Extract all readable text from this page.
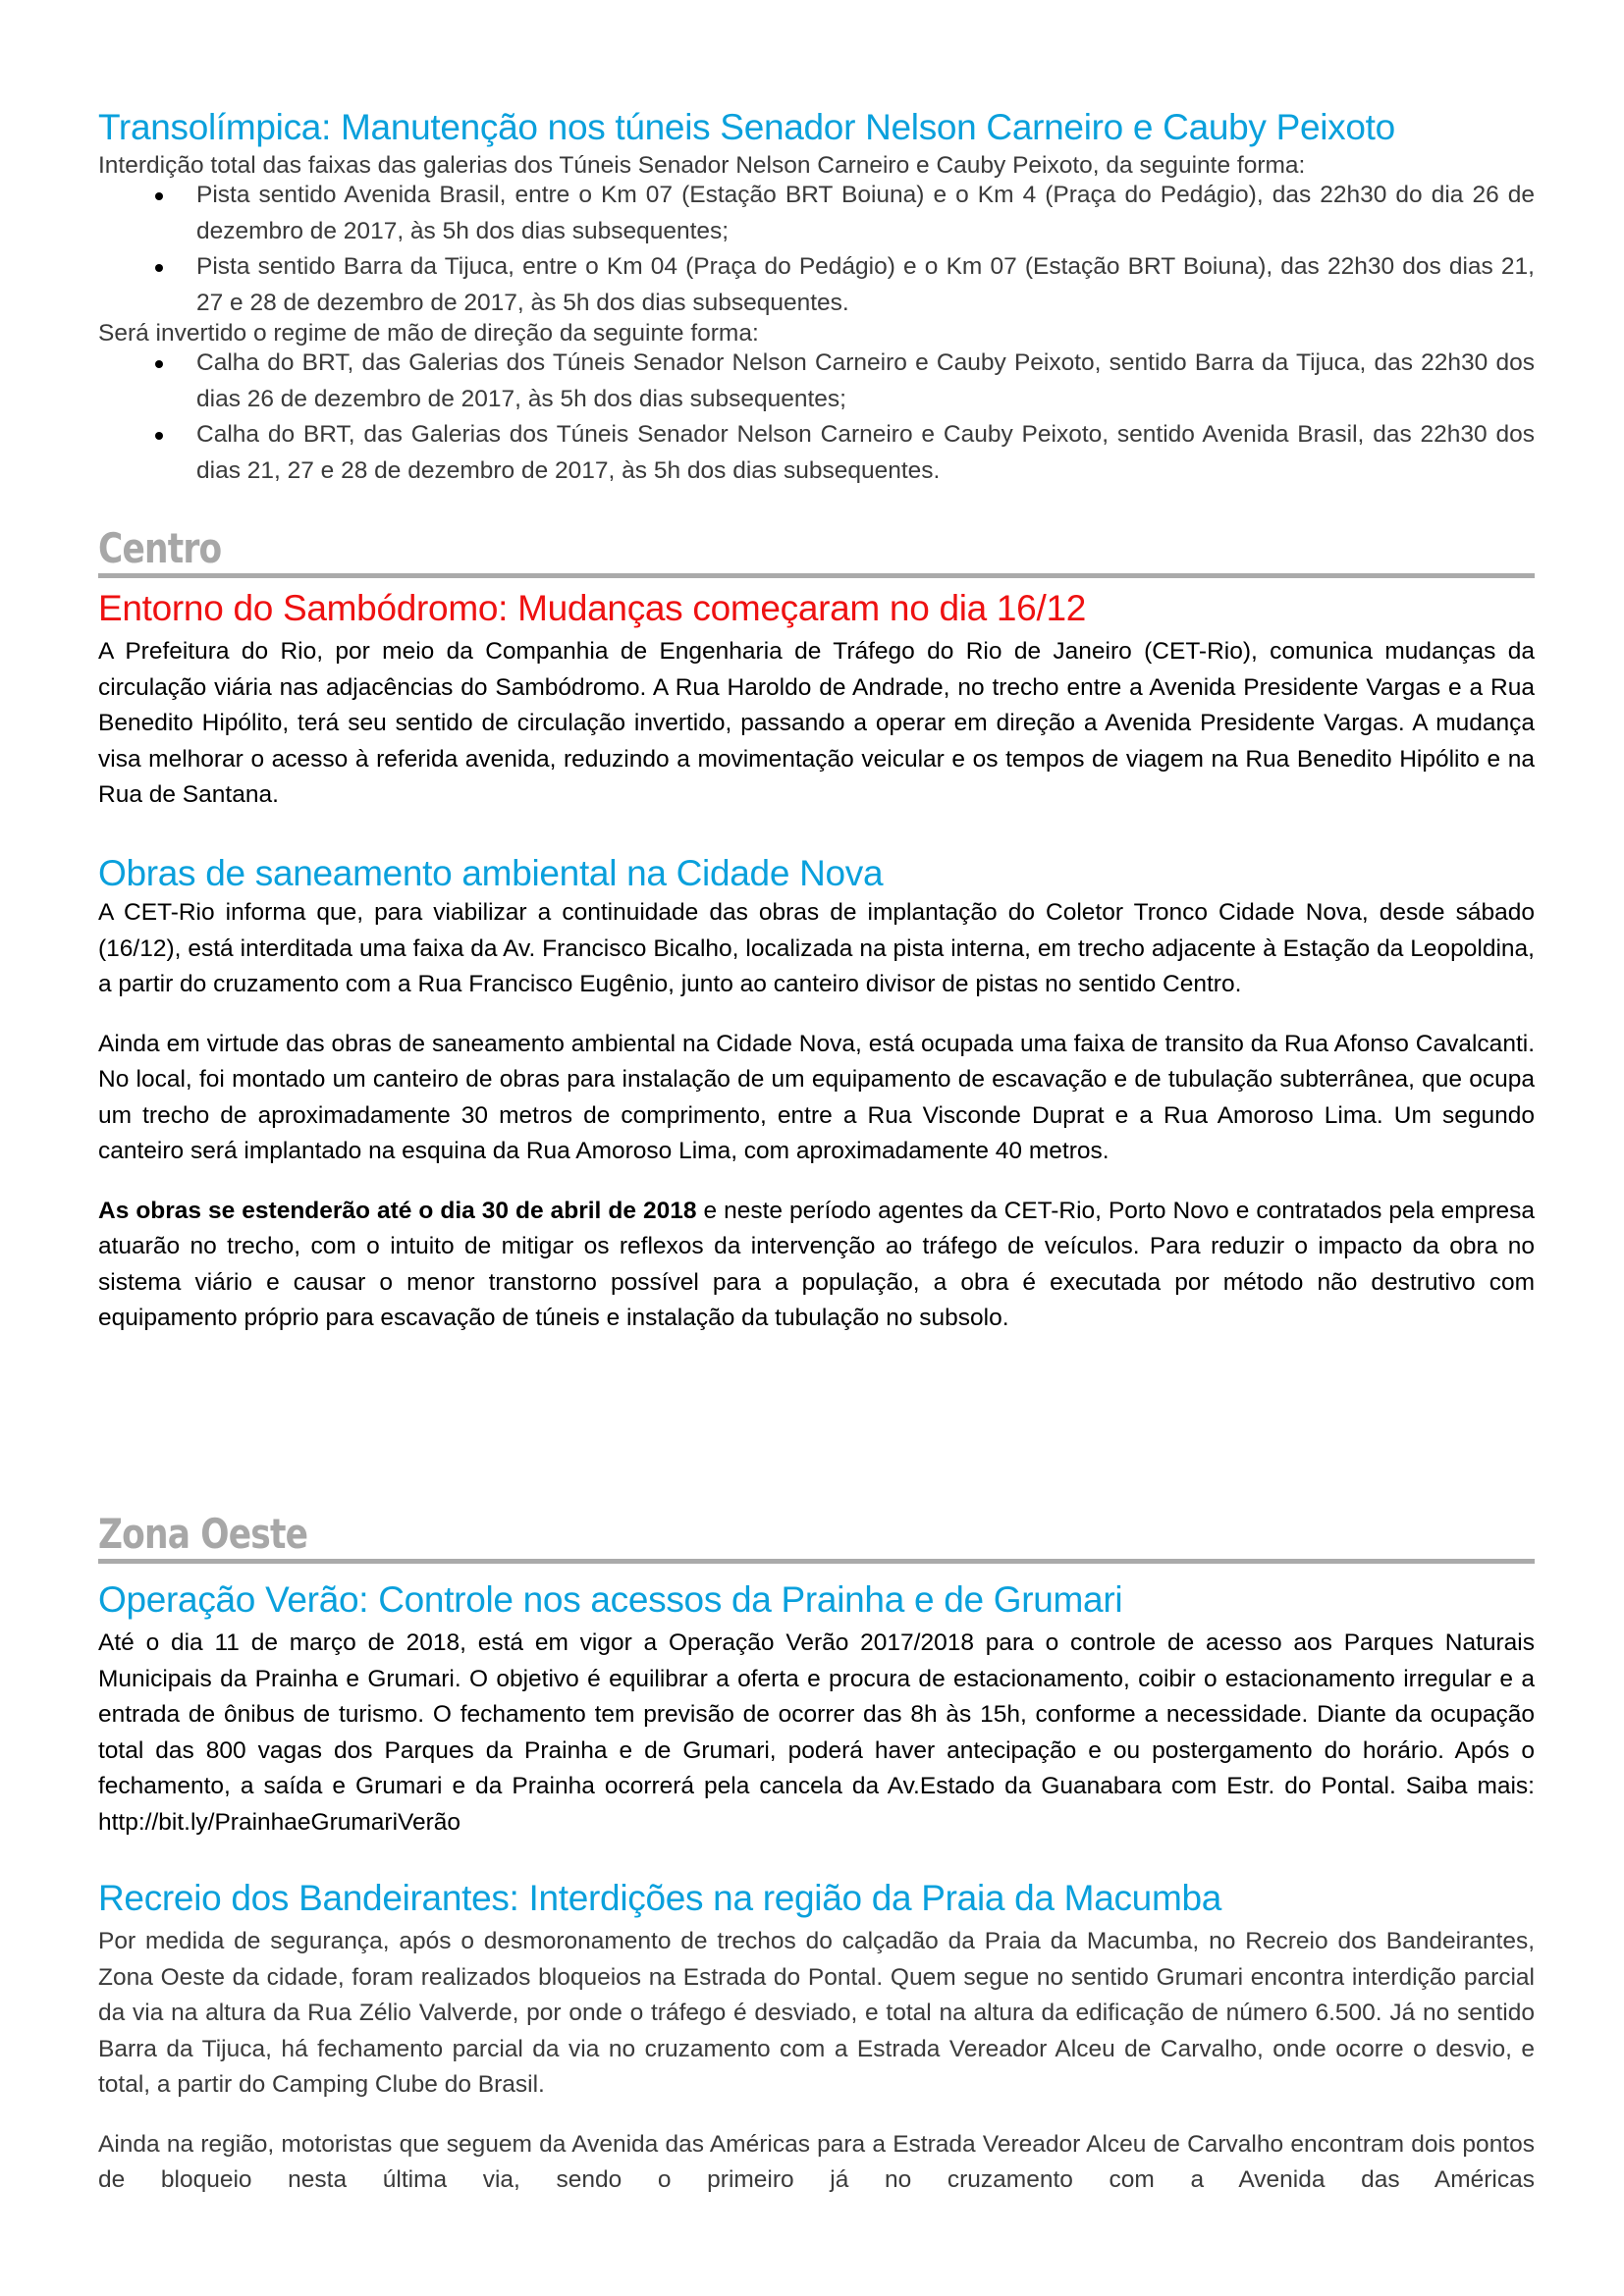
Transolímpica: Manutenção nos túneis Senador Nelson Carneiro e Cauby Peixoto

Interdição total das faixas das galerias dos Túneis Senador Nelson Carneiro e Cauby Peixoto, da seguinte forma:

Pista sentido Avenida Brasil, entre o Km 07 (Estação BRT Boiuna) e o Km 4 (Praça do Pedágio), das 22h30 do dia 26 de dezembro de 2017, às 5h dos dias subsequentes;
Pista sentido Barra da Tijuca, entre o Km 04 (Praça do Pedágio) e o Km 07 (Estação BRT Boiuna), das 22h30 dos dias 21, 27 e 28 de dezembro de 2017, às 5h dos dias subsequentes.

Será invertido o regime de mão de direção da seguinte forma:

Calha do BRT, das Galerias dos Túneis Senador Nelson Carneiro e Cauby Peixoto, sentido Barra da Tijuca, das 22h30 dos dias 26 de dezembro de 2017, às 5h dos dias subsequentes;
Calha do BRT, das Galerias dos Túneis Senador Nelson Carneiro e Cauby Peixoto, sentido Avenida Brasil, das 22h30 dos dias 21, 27 e 28 de dezembro de 2017, às 5h dos dias subsequentes.
Centro
Entorno do Sambódromo: Mudanças começaram no dia 16/12

A Prefeitura do Rio, por meio da Companhia de Engenharia de Tráfego do Rio de Janeiro (CET-Rio), comunica mudanças da circulação viária nas adjacências do Sambódromo. A Rua Haroldo de Andrade, no trecho entre a Avenida Presidente Vargas e a Rua Benedito Hipólito, terá seu sentido de circulação invertido, passando a operar em direção a Avenida Presidente Vargas. A mudança visa melhorar o acesso à referida avenida, reduzindo a movimentação veicular e os tempos de viagem na Rua Benedito Hipólito e na Rua de Santana.

Obras de saneamento ambiental na Cidade Nova

A CET-Rio informa que, para viabilizar a continuidade das obras de implantação do Coletor Tronco Cidade Nova, desde sábado (16/12), está interditada uma faixa da Av. Francisco Bicalho, localizada na pista interna, em trecho adjacente à Estação da Leopoldina, a partir do cruzamento com a Rua Francisco Eugênio, junto ao canteiro divisor de pistas no sentido Centro.

Ainda em virtude das obras de saneamento ambiental na Cidade Nova, está ocupada uma faixa de transito da Rua Afonso Cavalcanti. No local, foi montado um canteiro de obras para instalação de um equipamento de escavação e de tubulação subterrânea, que ocupa um trecho de aproximadamente 30 metros de comprimento, entre a Rua Visconde Duprat e a Rua Amoroso Lima. Um segundo canteiro será implantado na esquina da Rua Amoroso Lima, com aproximadamente 40 metros.

As obras se estenderão até o dia 30 de abril de 2018 e neste período agentes da CET-Rio, Porto Novo e contratados pela empresa atuarão no trecho, com o intuito de mitigar os reflexos da intervenção ao tráfego de veículos. Para reduzir o impacto da obra no sistema viário e causar o menor transtorno possível para a população, a obra é executada por método não destrutivo com equipamento próprio para escavação de túneis e instalação da tubulação no subsolo.

Zona Oeste
Operação Verão: Controle nos acessos da Prainha e de Grumari

Até o dia 11 de março de 2018, está em vigor a Operação Verão 2017/2018 para o controle de acesso aos Parques Naturais Municipais da Prainha e Grumari. O objetivo é equilibrar a oferta e procura de estacionamento, coibir o estacionamento irregular e a entrada de ônibus de turismo. O fechamento tem previsão de ocorrer das 8h às 15h, conforme a necessidade. Diante da ocupação total das 800 vagas dos Parques da Prainha e de Grumari, poderá haver antecipação e ou postergamento do horário. Após o fechamento, a saída e Grumari e da Prainha ocorrerá pela cancela da Av.Estado da Guanabara com Estr. do Pontal. Saiba mais: http://bit.ly/PrainhaeGrumariVerão

Recreio dos Bandeirantes: Interdições na região da Praia da Macumba

Por medida de segurança, após o desmoronamento de trechos do calçadão da Praia da Macumba, no Recreio dos Bandeirantes, Zona Oeste da cidade, foram realizados bloqueios na Estrada do Pontal. Quem segue no sentido Grumari encontra interdição parcial da via na altura da Rua Zélio Valverde, por onde o tráfego é desviado, e total na altura da edificação de número 6.500. Já no sentido Barra da Tijuca, há fechamento parcial da via no cruzamento com a Estrada Vereador Alceu de Carvalho, onde ocorre o desvio, e total, a partir do Camping Clube do Brasil.

Ainda na região, motoristas que seguem da Avenida das Américas para a Estrada Vereador Alceu de Carvalho encontram dois pontos de bloqueio nesta última via, sendo o primeiro já no cruzamento com a Avenida das Américas
